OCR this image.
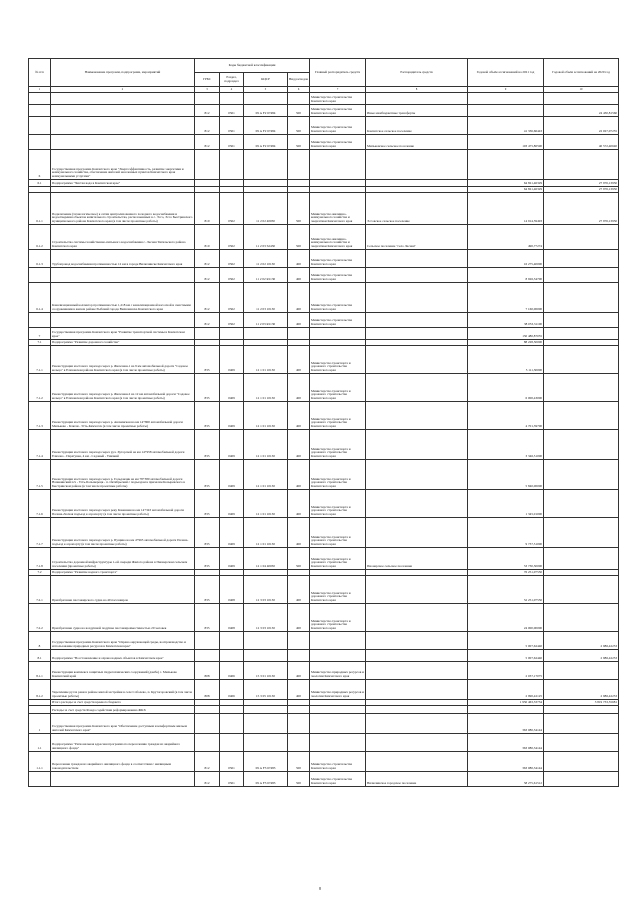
№ п/п	Наименование программ, подпрограмм, мероприятий	Коды бюджетной классификации				Главный распорядитель средств	Распорядитель средств	Годовой объём ассигнований на 2021 год	Годовой объём ассигнований на 2020 год
		ГРБС	Раздел, подраздел	КЦСР	Вид расходов				
1	2	3	4	5	6	7	8	9	10
						Министерство строительства Камчатского края			
		812	0501	09 А F2 67484	500	Министерство строительства Камчатского края	Иные межбюджетные трансферты		24 430,81560
		812	0501	09 А F2 67484	500	Министерство строительства Камчатского края	Камчатское сельское поселение	41 336,66443	22 027,07255
		812	0501	09 А F2 67484	500	Министерство строительства Камчатского края	Мильковское сельское поселение	103 475,80590	40 572,40640
6	Государственная программа Камчатского края "Энергоэффективность, развитие энергетики и коммунального хозяйства, обеспечение жителей населенных пунктов Камчатского края коммунальными услугами"								
6.1	Подпрограмма "Чистая вода в Камчатском крае"							64 821,46329	27 976,13950
								64 821,46329	27 976,13950
6.1.1	Подключение (технологическое) к сетям централизованного холодного водоснабжения и водоотведения объектов капитального строительства, расположенных в с. Эссо, Эссо Быстринского муниципального района Камчатского края (в том числе проектные работы)	810	0502	11 2 02 40030	500	Министерство жилищно-коммунального хозяйства и энергетики Камчатского края	Эссовское сельское поселение	14 914,59493	27 976,13950
6.1.2	Строительство системы хозяйственно-питьевого водоснабжения с. Лесная Тигильского района Камчатского края	810	0502	11 2 03 S2430	500	Министерство жилищно-коммунального хозяйства и энергетики Камчатского края	Сельское поселение "село Лесная"	490,77274	
6.1.3	Трубопровод водоснабжения протяженностью 12 км в городе Вилючинске Камчатского края	812	0502	11 2 02 10130	400	Министерство строительства Камчатского края		16 275,40000	
		812	0502	11 2 02 R1130	400	Министерство строительства Камчатского края		8 926,34700	
6.1.4	Канализационный коллектор протяженностью 1,218 км с канализационной насосной и очистными сооружениями в жилом районе Рыбачий города Вилючинска Камчатского края	812	0502	11 2 03 10130	400	Министерство строительства Камчатского края		7 160,00000	
		812	0502	11 2 03 R1130	400	Министерство строительства Камчатского края		38 053,31100	
7	Государственная программа Камчатского края "Развитие транспортной системы в Камчатском крае"							150 480,87055	
7.1	Подпрограмма "Развитие дорожного хозяйства"							88 228,50000	
7.1.1	Реконструкция мостового перехода через р. Железная-1 на 9 км автомобильной дороги "Садовое кольцо" в Елизовском районе Камчатского края (в том числе проектные работы)	835	0409	12 1 01 10130	400	Министерство транспорта и дорожного строительства Камчатского края		5 111,30000	
7.1.2	Реконструкция мостового перехода через р. Железная-2 на 12 км автомобильной дороги "Садовое кольцо" в Елизовском районе Камчатского края (в том числе проектные работы)	835	0409	12 1 01 10130	400	Министерство транспорта и дорожного строительства Камчатского края		6 000,43000	
7.1.3	Реконструкция мостового перехода через р. Авачинская на км 14+800 автомобильной дороги Мильково - Ключи - Усть-Камчатск (в том числе проектные работы)	835	0409	12 1 01 10130	400	Министерство транспорта и дорожного строительства Камчатского края		4 701,39700	
7.1.4	Реконструкция мостового перехода через руч. Хуторской на км 14+958 автомобильной дороги Елизово - Паратунка, 4 км - Садовый - Унизкий	835	0409	12 1 01 10130	400	Министерство транспорта и дорожного строительства Камчатского края		3 346,51000	
7.1.5	Реконструкция мостового перехода через р. Гольдакчик на км 78+380 автомобильной дороги Начикинский п/х - Усть-Большерецк - п. Октябрьский с подъездом к причалам Козыревского в Быстринском районе (в том числе проектные работы)	835	0409	12 1 01 10130	400	Министерство транспорта и дорожного строительства Камчатского края		5 840,00000	
7.1.6	Реконструкция мостового перехода через реку Каменная на км 14+343 автомобильной дороги Палана-Лесная подъезд к аэропорту (в том числе проектные работы)	835	0409	12 1 01 10130	400	Министерство транспорта и дорожного строительства Камчатского края		1 345,01000	
7.1.7	Реконструкция мостового перехода через р. Пущина на км 4+965 автомобильной дороги Палана-подъезд к аэропорту (в том числе проектные работы)	835	0409	12 1 01 10130	400	Министерство транспорта и дорожного строительства Камчатского края		9 737,51000	
7.1.8	Строительство дорожной инфраструктуры 1-ой очереди Жилого района в Пионерском сельском поселении (проектные работы)	835	0409	12 1 04 40030	500	Министерство транспорта и дорожного строительства Камчатского края	Пионерское сельское поселение	53 730,50000	
7.2	Подпрограмма "Развитие водного транспорта"							76 251,07550	
7.2.1	Приобретение пассажирского судна на 40 пассажиров	835	0408	12 3 03 10130	400	Министерство транспорта и дорожного строительства Камчатского края		52 251,07550	
7.2.2	Приобретение судна на воздушной подушке пассажировместимостью 20 человек	835	0408	12 3 03 10130	400	Министерство транспорта и дорожного строительства Камчатского края		24 000,00000	
8	Государственная программа Камчатского края "Охрана окружающей среды, воспроизводство и использование природных ресурсов в Камчатском крае"							5 007,62440	2 986,42253
8.1	Подпрограмма "Восстановление и охрана водных объектов в Камчатском крае"							5 007,62440	2 986,42253
8.1.1	Реконструкция комплекса защитных гидротехнических сооружений (дамба) с. Мильково Камчатский край	808	0406	15 3 01 10130	400	Министерство природных ресурсов и экологии Камчатского края		2 037,17075	
8.1.2	Укрепление русла реки в районе жилой застройки в селе Соболево, п. Крутогоровский (в том числе проектные работы)	808	0406	15 3 05 10130	400	Министерство природных ресурсов и экологии Камчатского края		2 990,42125	2 986,42253
	Итого расходы за счет средств краевого бюджета							1 950 463,33734	3 819 733,55681
	Расходы за счет средств Фонда содействия реформированию ЖКХ								
1	Государственная программа Камчатского края "Обеспечение доступным и комфортным жильем жителей Камчатского края"							363 080,34144	
1.1	Подпрограмма "Региональная адресная программа по переселению граждан из аварийного жилищного фонда"							363 080,34144	
1.1.1	Переселение граждан из аварийного жилищного фонда в соответствии с жилищным законодательством	812	0501	09 А F3 67483	500	Министерство строительства Камчатского края		363 080,34144	
		812	0501	09 А F3 67483	500	Министерство строительства Камчатского края	Вилючинское городское поселение	58 275,61512	
8
